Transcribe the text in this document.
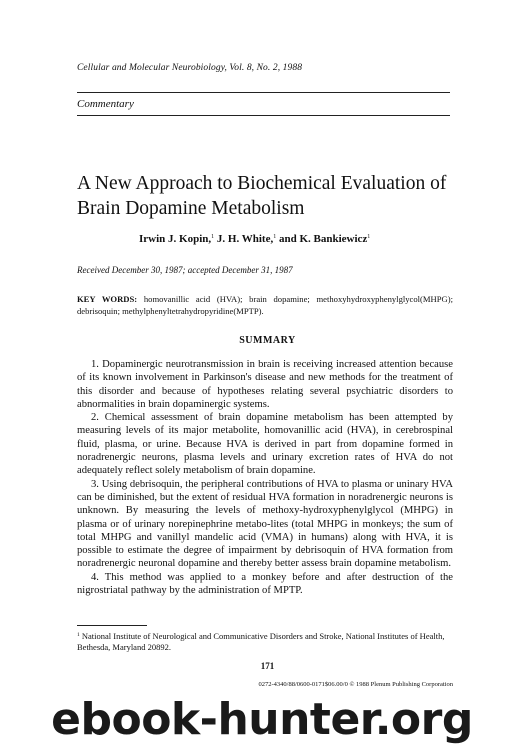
Cellular and Molecular Neurobiology, Vol. 8, No. 2, 1988
Commentary
A New Approach to Biochemical Evaluation of Brain Dopamine Metabolism
Irwin J. Kopin,$^1$ J. H. White,$^1$ and K. Bankiewicz$^1$
Received December 30, 1987; accepted December 31, 1987
KEY WORDS: homovanillic acid (HVA); brain dopamine; methoxyhydroxyphenylglycol(MHPG); debrisoquin; methylphenyltetrahydropyridine(MPTP).
SUMMARY

1. Dopaminergic neurotransmission in brain is receiving increased attention because of its known involvement in Parkinson's disease and new methods for the treatment of this disorder and because of hypotheses relating several psychiatric disorders to abnormalities in brain dopaminergic systems.

2. Chemical assessment of brain dopamine metabolism has been attempted by measuring levels of its major metabolite, homovanillic acid (HVA), in cerebrospinal fluid, plasma, or urine. Because HVA is derived in part from dopamine formed in noradrenergic neurons, plasma levels and urinary excretion rates of HVA do not adequately reflect solely metabolism of brain dopamine.

3. Using debrisoquin, the peripheral contributions of HVA to plasma or uninary HVA can be diminished, but the extent of residual HVA formation in noradrenergic neurons is unknown. By measuring the levels of methoxy-hydroxyphenylglycol (MHPG) in plasma or of urinary norepinephrine metabo-lites (total MHPG in monkeys; the sum of total MHPG and vanillyl mandelic acid (VMA) in humans) along with HVA, it is possible to estimate the degree of impairment by debrisoquin of HVA formation from noradrenergic neuronal dopamine and thereby better assess brain dopamine metabolism.

4. This method was applied to a monkey before and after destruction of the nigrostriatal pathway by the administration of MPTP.

$^1$ National Institute of Neurological and Communicative Disorders and Stroke, National Institutes of Health, Bethesda, Maryland 20892.
171
0272-4340/88/0600-0171$06.00/0 © 1988 Plenum Publishing Corporation
ebook-hunter.org
